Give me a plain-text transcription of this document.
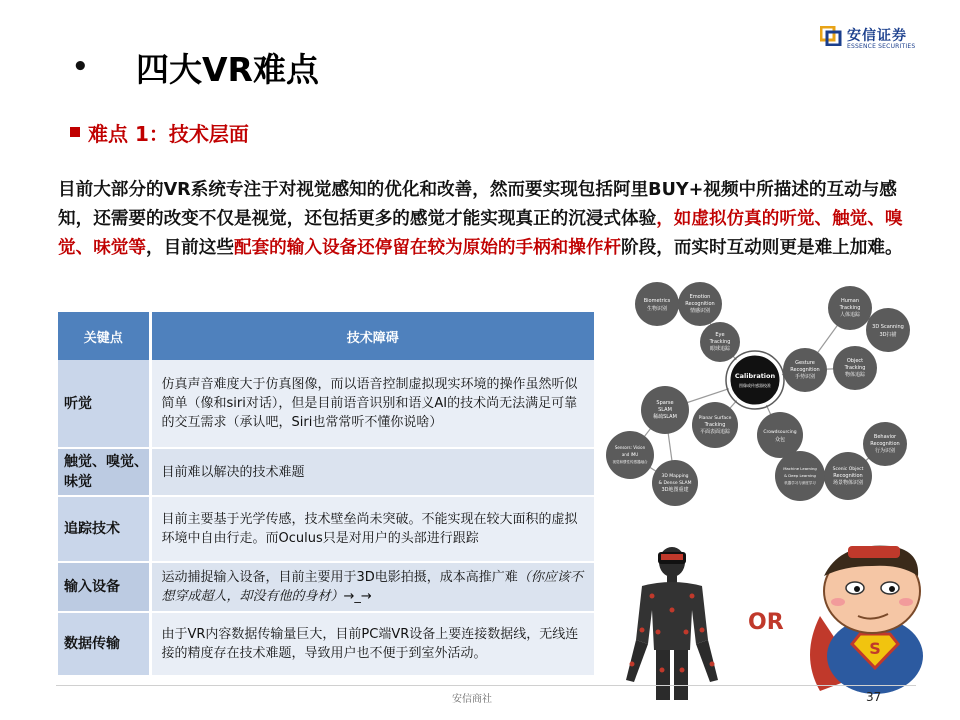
安信证券
ESSENCE SECURITIES
• 四大VR难点
难点 1：技术层面
目前大部分的VR系统专注于对视觉感知的优化和改善，然而要实现包括阿里BUY+视频中所描述的互动与感知，还需要的改变不仅是视觉，还包括更多的感觉才能实现真正的沉浸式体验，如虚拟仿真的听觉、触觉、嗅觉、味觉等，目前这些配套的输入设备还停留在较为原始的手柄和操作杆阶段，而实时互动则更是难上加难。
关键点	技术障碍
听觉	仿真声音难度大于仿真图像，而以语音控制虚拟现实环境的操作虽然听似简单（像和siri对话），但是目前语音识别和语义AI的技术尚无法满足可靠的交互需求（承认吧，Siri也常常听不懂你说啥）
触觉、嗅觉、味觉	目前难以解决的技术难题
追踪技术	目前主要基于光学传感，技术壁垒尚未突破。不能实现在较大面积的虚拟环境中自由行走。而Oculus只是对用户的头部进行跟踪
输入设备	运动捕捉输入设备，目前主要用于3D电影拍摄，成本高推广难（你应该不想穿成超人，却没有他的身材）→_→
数据传输	由于VR内容数据传输量巨大，目前PC端VR设备上要连接数据线，无线连接的精度存在技术难题，导致用户也不便于到室外活动。
Calibration
图像或传感器校准
Biometrics
生物识别
Emotion
Recognition
情感识别
Eye
Tracking
眼球追踪
Human
Tracking
人体追踪
3D Scanning
3D扫描
Gesture
Recognition
手势识别
Object
Tracking
物体追踪
Sparse
SLAM
稀疏SLAM	Planar Surface
Tracking
平面表面追踪	Crowdsourcing
众包	Behavior
Recognition
行为识别
Sensors: Vision
and IMU
视觉和惯性传感器融合
3D Mapping
& Dense SLAM
3D地图重建
Machine Learning
& Deep Learning
机器学习与深度学习
Scenic Object
Recognition
场景物体识别
OR
S
安信商社	37
